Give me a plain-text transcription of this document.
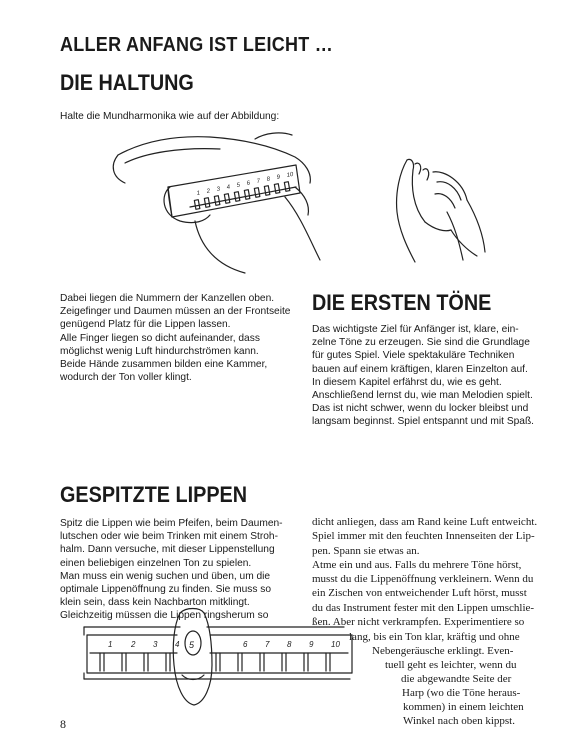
ALLER ANFANG IST LEICHT …
DIE HALTUNG
Halte die Mundharmonika wie auf der Abbildung:
1 2 3 4 5 6 7 8 9 10
Dabei liegen die Nummern der Kanzellen oben.
Zeigefinger und Daumen müssen an der Frontseite
genügend Platz für die Lippen lassen.
Alle Finger liegen so dicht aufeinander, dass
möglichst wenig Luft hindurchströmen kann.
Beide Hände zusammen bilden eine Kammer,
wodurch der Ton voller klingt.
DIE ERSTEN TÖNE
Das wichtigste Ziel für Anfänger ist, klare, ein-
zelne Töne zu erzeugen. Sie sind die Grundlage
für gutes Spiel. Viele spektakuläre Techniken
bauen auf einem kräftigen, klaren Einzelton auf.
In diesem Kapitel erfährst du, wie es geht.
Anschließend lernst du, wie man Melodien spielt.
Das ist nicht schwer, wenn du locker bleibst und
langsam beginnst. Spiel entspannt und mit Spaß.
GESPITZTE LIPPEN
Spitz die Lippen wie beim Pfeifen, beim Daumen-
lutschen oder wie beim Trinken mit einem Stroh-
halm. Dann versuche, mit dieser Lippenstellung
einen beliebigen einzelnen Ton zu spielen.
Man muss ein wenig suchen und üben, um die
optimale Lippenöffnung zu finden. Sie muss so
klein sein, dass kein Nachbarton mitklingt.
Gleichzeitig müssen die Lippen ringsherum so
dicht anliegen, dass am Rand keine Luft entweicht.
Spiel immer mit den feuchten Innenseiten der Lip-
pen. Spann sie etwas an.
Atme ein und aus. Falls du mehrere Töne hörst,
musst du die Lippenöffnung verkleinern. Wenn du
ein Zischen von entweichender Luft hörst, musst
du das Instrument fester mit den Lippen umschlie-
ßen. Aber nicht verkrampfen. Experimentiere so
lang, bis ein Ton klar, kräftig und ohne
Nebengeräusche erklingt. Even-
tuell geht es leichter, wenn du
die abgewandte Seite der
Harp (wo die Töne heraus-
kommen) in einem leichten
Winkel nach oben kippst.
1 2 3 4 5	6 7 8 9 10
8
